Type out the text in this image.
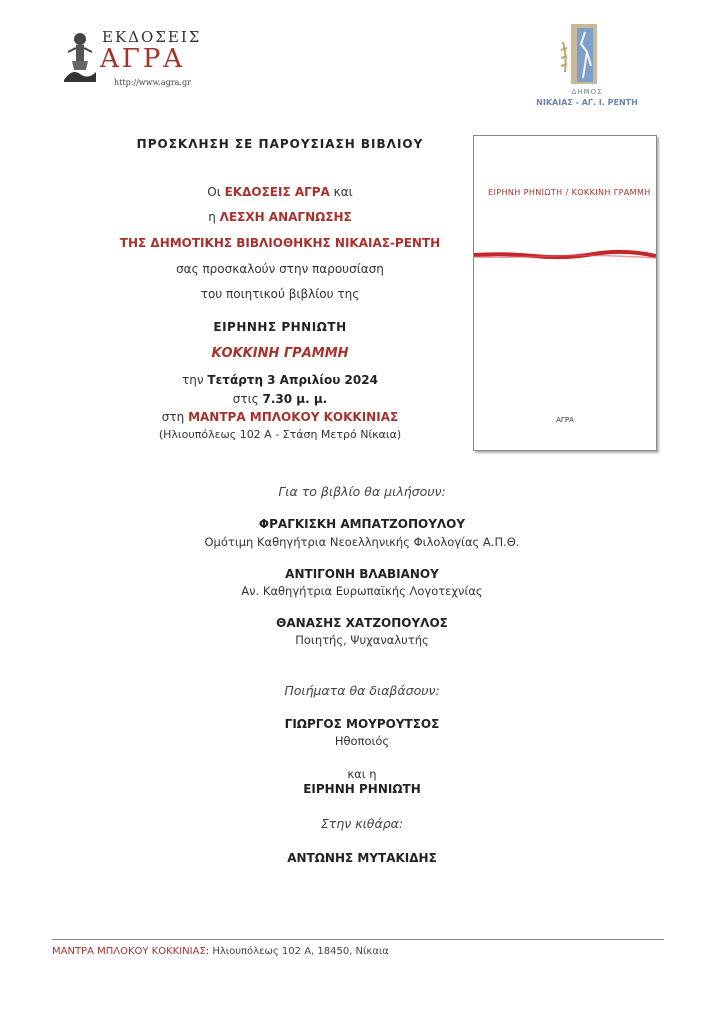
ΕΚΔΟΣΕΙΣ
ΑΓΡΑ
http://www.agra.gr
ΔΗΜΟΣ
ΝΙΚΑΙΑΣ - ΑΓ. Ι. ΡΕΝΤΗ
ΠΡΟΣΚΛΗΣΗ ΣΕ ΠΑΡΟΥΣΙΑΣΗ ΒΙΒΛΙΟΥ
Οι ΕΚΔΟΣΕΙΣ ΑΓΡΑ και
η ΛΕΣΧΗ ΑΝΑΓΝΩΣΗΣ
ΤΗΣ ΔΗΜΟΤΙΚΗΣ ΒΙΒΛΙΟΘΗΚΗΣ ΝΙΚΑΙΑΣ-ΡΕΝΤΗ
σας προσκαλούν στην παρουσίαση
του ποιητικού βιβλίου της
ΕΙΡΗΝΗΣ ΡΗΝΙΩΤΗ
ΚΟΚΚΙΝΗ ΓΡΑΜΜΗ
την Τετάρτη 3 Απριλίου 2024
στις 7.30 μ. μ.
στη ΜΑΝΤΡΑ ΜΠΛΟΚΟΥ ΚΟΚΚΙΝΙΑΣ
(Ηλιουπόλεως 102 Α - Στάση Μετρό Νίκαια)
ΕΙΡΗΝΗ ΡΗΝΙΩΤΗ / ΚΟΚΚΙΝΗ ΓΡΑΜΜΗ
ΑΓΡΑ
Για το βιβλίο θα μιλήσουν:
ΦΡΑΓΚΙΣΚΗ ΑΜΠΑΤΖΟΠΟΥΛΟΥ
Ομότιμη Καθηγήτρια Νεοελληνικής Φιλολογίας Α.Π.Θ.
ΑΝΤΙΓΟΝΗ ΒΛΑΒΙΑΝΟΥ
Αν. Καθηγήτρια Ευρωπαϊκής Λογοτεχνίας
ΘΑΝΑΣΗΣ ΧΑΤΖΟΠΟΥΛΟΣ
Ποιητής, Ψυχαναλυτής
Ποιήματα θα διαβάσουν:
ΓΙΩΡΓΟΣ ΜΟΥΡΟΥΤΣΟΣ
Ηθοποιός
και η
ΕΙΡΗΝΗ ΡΗΝΙΩΤΗ
Στην κιθάρα:
ΑΝΤΩΝΗΣ ΜΥΤΑΚΙΔΗΣ
ΜΑΝΤΡΑ ΜΠΛΟΚΟΥ ΚΟΚΚΙΝΙΑΣ: Ηλιουπόλεως 102 Α, 18450, Νίκαια
